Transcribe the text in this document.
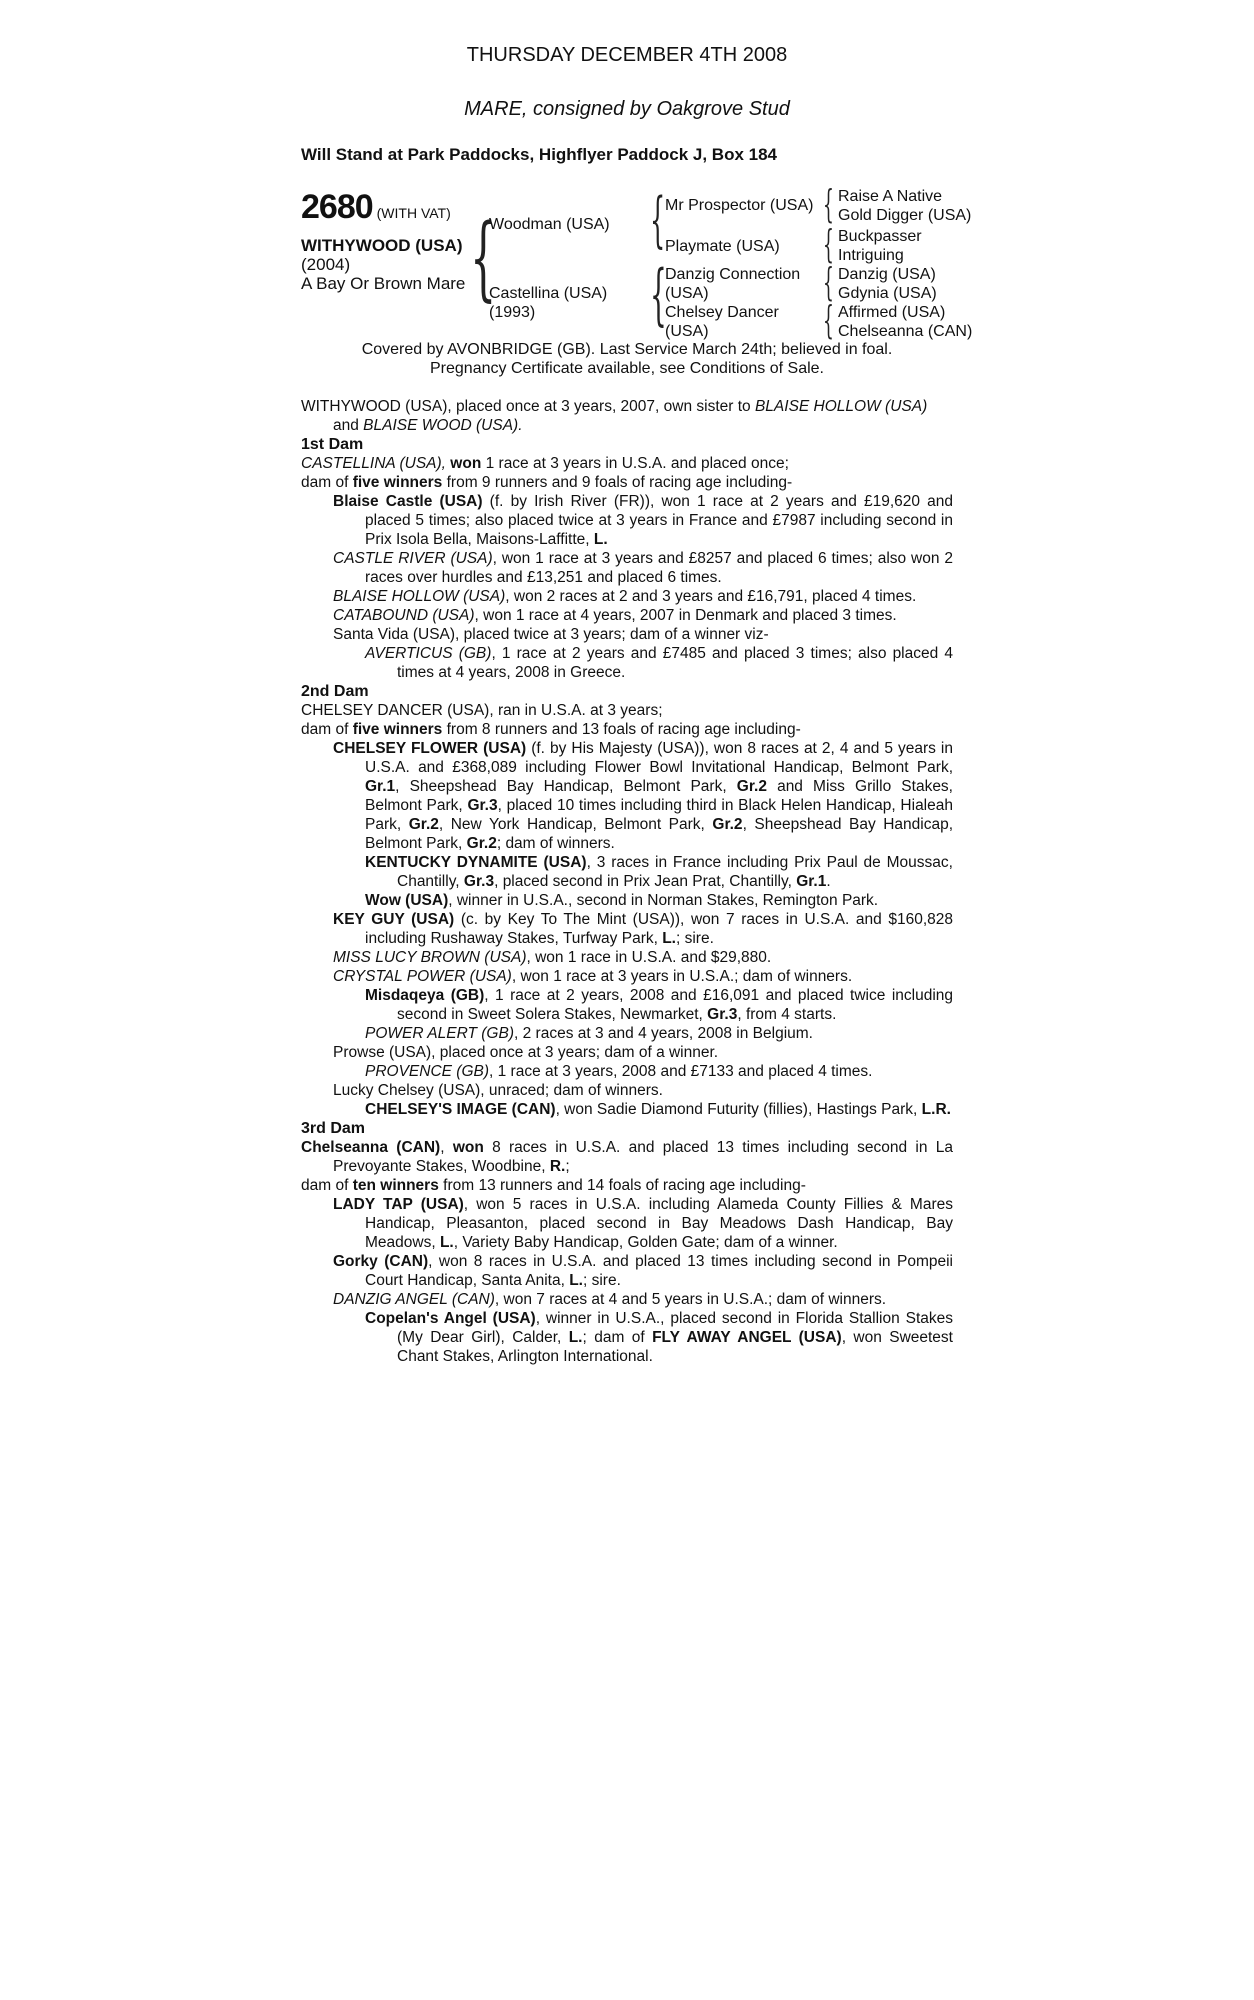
THURSDAY DECEMBER 4TH 2008
MARE, consigned by Oakgrove Stud
Will Stand at Park Paddocks, Highflyer Paddock J, Box 184
2680 (WITH VAT)
WITHYWOOD (USA)
(2004)
A Bay Or Brown Mare {
Woodman (USA)
Castellina (USA)
(1993)
{ Mr Prospector (USA)
Playmate (USA)
{
Danzig Connection
(USA)
Chelsey Dancer
(USA)
{
{
{
{
Raise A Native
Gold Digger (USA)
Buckpasser
Intriguing
Danzig (USA)
Gdynia (USA)
Affirmed (USA)
Chelseanna (CAN)
Covered by AVONBRIDGE (GB). Last Service March 24th; believed in foal.
Pregnancy Certificate available, see Conditions of Sale.

WITHYWOOD (USA), placed once at 3 years, 2007, own sister to BLAISE HOLLOW (USA) and BLAISE WOOD (USA).

1st Dam

CASTELLINA (USA), won 1 race at 3 years in U.S.A. and placed once;

dam of five winners from 9 runners and 9 foals of racing age including-

Blaise Castle (USA) (f. by Irish River (FR)), won 1 race at 2 years and £19,620 and placed 5 times; also placed twice at 3 years in France and £7987 including second in Prix Isola Bella, Maisons-Laffitte, L.

CASTLE RIVER (USA), won 1 race at 3 years and £8257 and placed 6 times; also won 2 races over hurdles and £13,251 and placed 6 times.

BLAISE HOLLOW (USA), won 2 races at 2 and 3 years and £16,791, placed 4 times.

CATABOUND (USA), won 1 race at 4 years, 2007 in Denmark and placed 3 times.

Santa Vida (USA), placed twice at 3 years; dam of a winner viz-

AVERTICUS (GB), 1 race at 2 years and £7485 and placed 3 times; also placed 4 times at 4 years, 2008 in Greece.

2nd Dam

CHELSEY DANCER (USA), ran in U.S.A. at 3 years;

dam of five winners from 8 runners and 13 foals of racing age including-

CHELSEY FLOWER (USA) (f. by His Majesty (USA)), won 8 races at 2, 4 and 5 years in U.S.A. and £368,089 including Flower Bowl Invitational Handicap, Belmont Park, Gr.1, Sheepshead Bay Handicap, Belmont Park, Gr.2 and Miss Grillo Stakes, Belmont Park, Gr.3, placed 10 times including third in Black Helen Handicap, Hialeah Park, Gr.2, New York Handicap, Belmont Park, Gr.2, Sheepshead Bay Handicap, Belmont Park, Gr.2; dam of winners.

KENTUCKY DYNAMITE (USA), 3 races in France including Prix Paul de Moussac, Chantilly, Gr.3, placed second in Prix Jean Prat, Chantilly, Gr.1.

Wow (USA), winner in U.S.A., second in Norman Stakes, Remington Park.

KEY GUY (USA) (c. by Key To The Mint (USA)), won 7 races in U.S.A. and $160,828 including Rushaway Stakes, Turfway Park, L.; sire.

MISS LUCY BROWN (USA), won 1 race in U.S.A. and $29,880.

CRYSTAL POWER (USA), won 1 race at 3 years in U.S.A.; dam of winners.

Misdaqeya (GB), 1 race at 2 years, 2008 and £16,091 and placed twice including second in Sweet Solera Stakes, Newmarket, Gr.3, from 4 starts.

POWER ALERT (GB), 2 races at 3 and 4 years, 2008 in Belgium.

Prowse (USA), placed once at 3 years; dam of a winner.

PROVENCE (GB), 1 race at 3 years, 2008 and £7133 and placed 4 times.

Lucky Chelsey (USA), unraced; dam of winners.

CHELSEY'S IMAGE (CAN), won Sadie Diamond Futurity (fillies), Hastings Park, L.R.

3rd Dam

Chelseanna (CAN), won 8 races in U.S.A. and placed 13 times including second in La Prevoyante Stakes, Woodbine, R.;

dam of ten winners from 13 runners and 14 foals of racing age including-

LADY TAP (USA), won 5 races in U.S.A. including Alameda County Fillies & Mares Handicap, Pleasanton, placed second in Bay Meadows Dash Handicap, Bay Meadows, L., Variety Baby Handicap, Golden Gate; dam of a winner.

Gorky (CAN), won 8 races in U.S.A. and placed 13 times including second in Pompeii Court Handicap, Santa Anita, L.; sire.

DANZIG ANGEL (CAN), won 7 races at 4 and 5 years in U.S.A.; dam of winners.

Copelan's Angel (USA), winner in U.S.A., placed second in Florida Stallion Stakes (My Dear Girl), Calder, L.; dam of FLY AWAY ANGEL (USA), won Sweetest Chant Stakes, Arlington International.
